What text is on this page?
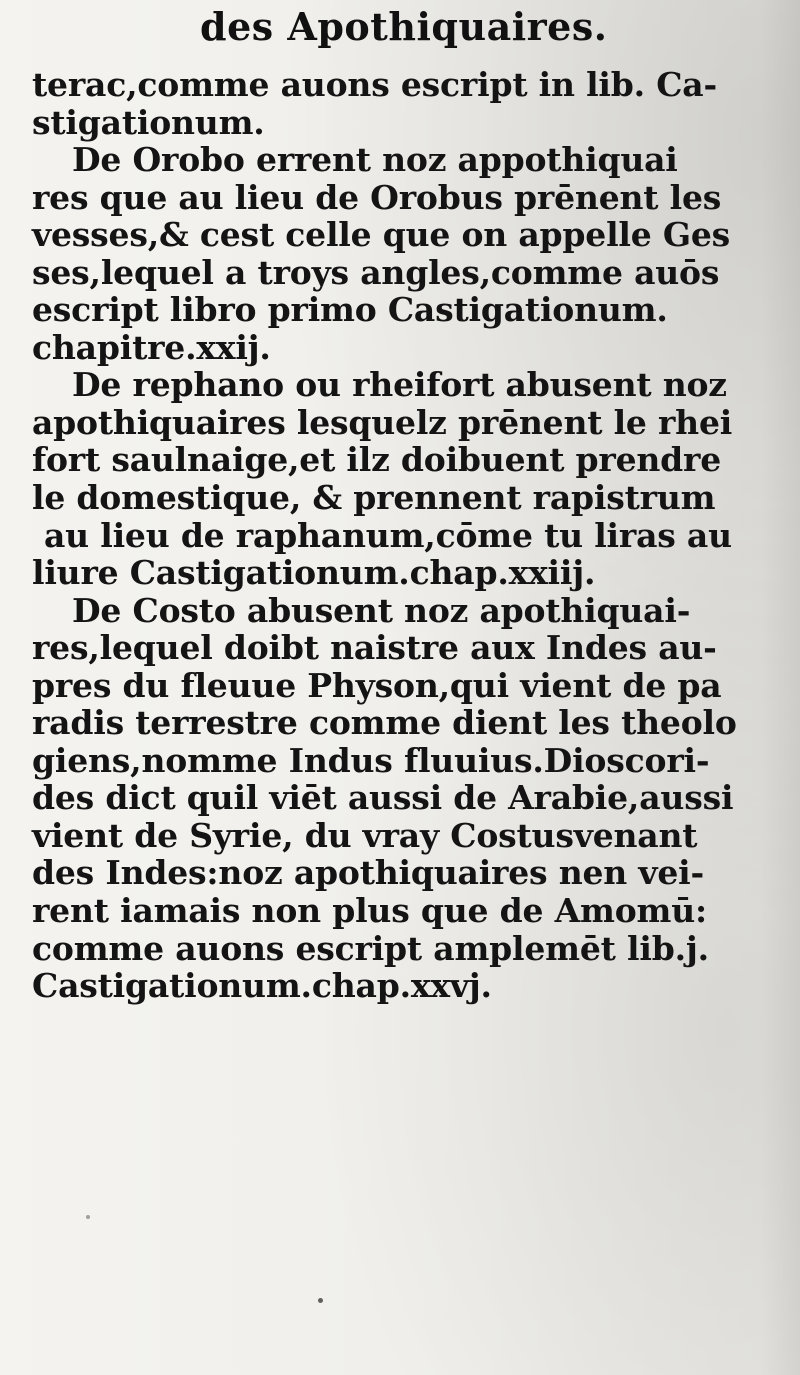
des Apothiquaires.
terac,comme auons escript in lib. Ca-
stigationum.
De Orobo errent noz appothiquai
res que au lieu de Orobus prēnent les
vesses,& cest celle que on appelle Ges
ses,lequel a troys angles,comme auōs
escript libro primo Castigationum.
chapitre.xxij.
De rephano ou rheifort abusent noz
apothiquaires lesquelz prēnent le rhei
fort saulnaige,et ilz doibuent prendre
le domestique, & prennent rapistrum
au lieu de raphanum,cōme tu liras au
liure Castigationum.chap.xxiij.
De Costo abusent noz apothiquai-
res,lequel doibt naistre aux Indes au-
pres du fleuue Physon,qui vient de pa
radis terrestre comme dient les theolo
giens,nomme Indus fluuius.Dioscori-
des dict quil viēt aussi de Arabie,aussi
vient de Syrie, du vray Costusvenant
des Indes:noz apothiquaires nen vei-
rent iamais non plus que de Amomū:
comme auons escript amplemēt lib.j.
Castigationum.chap.xxvj.
